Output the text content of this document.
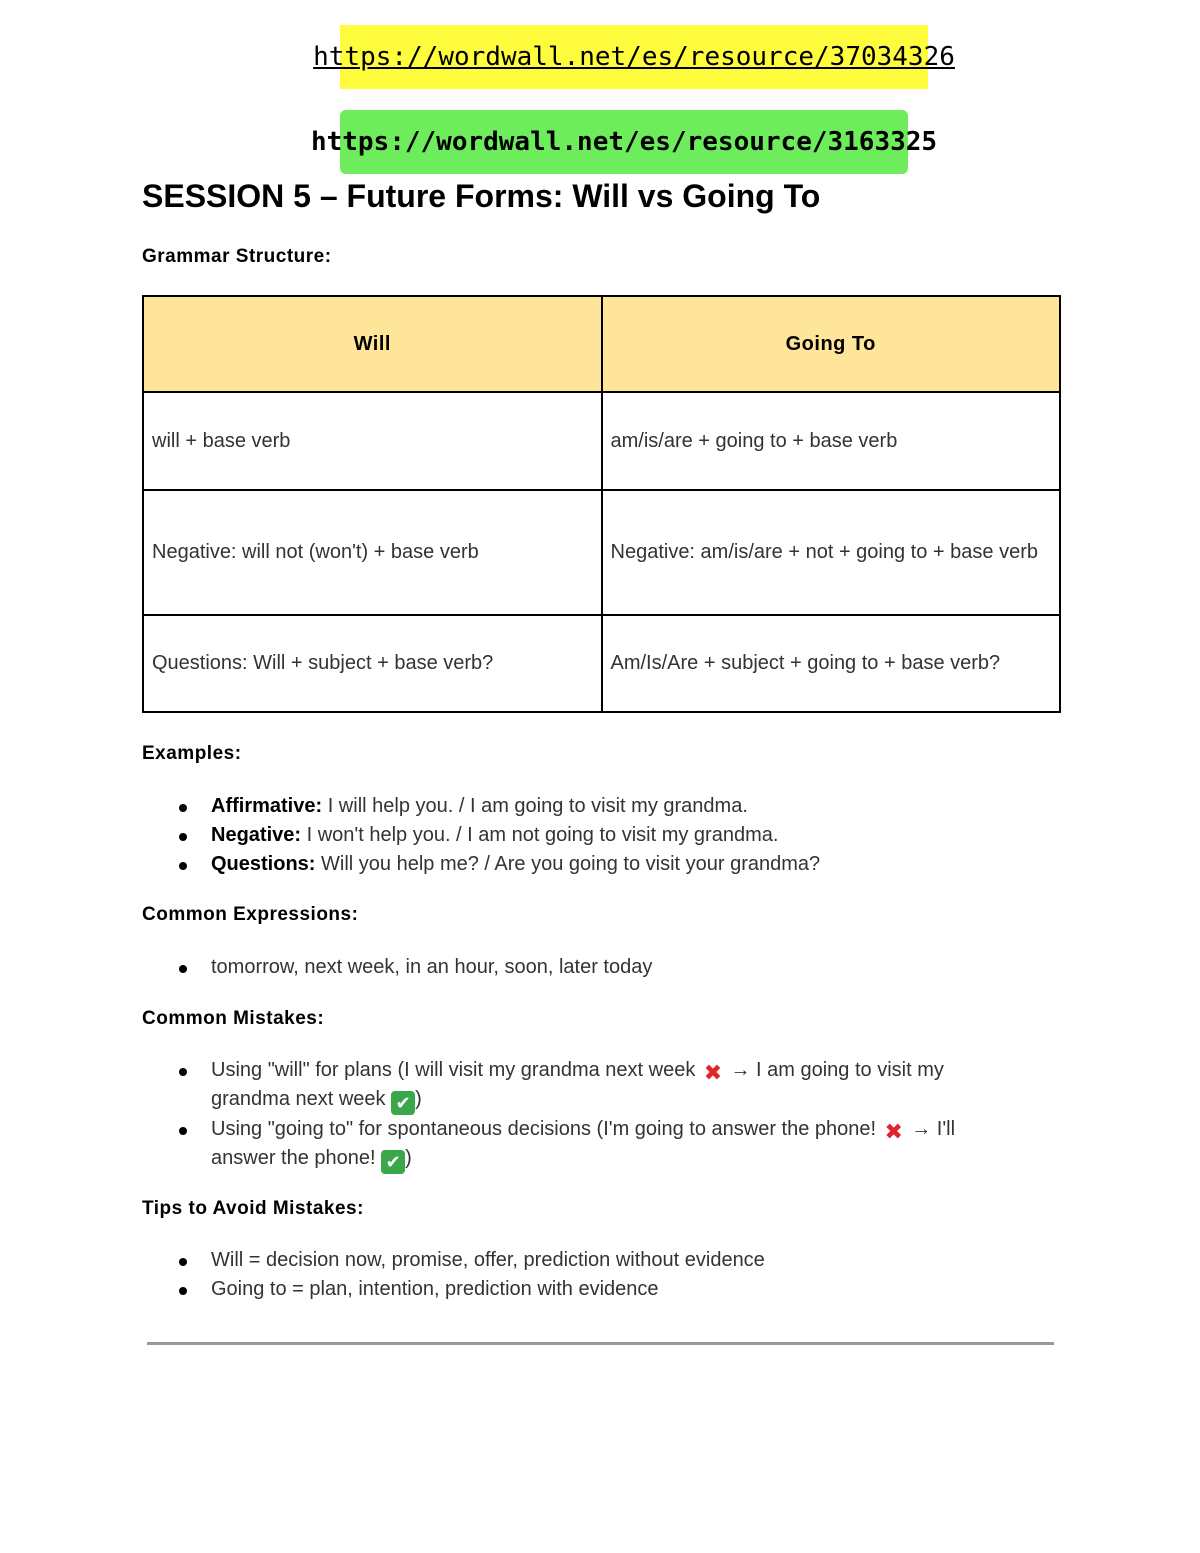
https://wordwall.net/es/resource/37034326
https://wordwall.net/es/resource/3163325
SESSION 5 – Future Forms: Will vs Going To

Grammar Structure:

Will	Going To
will + base verb	am/is/are + going to + base verb
Negative: will not (won't) + base verb	Negative: am/is/are + not + going to + base verb
Questions: Will + subject + base verb?	Am/Is/Are + subject + going to + base verb?

Examples:

Affirmative: I will help you. / I am going to visit my grandma.
Negative: I won't help you. / I am not going to visit my grandma.
Questions: Will you help me? / Are you going to visit your grandma?

Common Expressions:

tomorrow, next week, in an hour, soon, later today

Common Mistakes:

Using "will" for plans (I will visit my grandma next week ✖ → I am going to visit my grandma next week ✔ )
Using "going to" for spontaneous decisions (I'm going to answer the phone! ✖ → I'll answer the phone! ✔ )

Tips to Avoid Mistakes:

Will = decision now, promise, offer, prediction without evidence
Going to = plan, intention, prediction with evidence
